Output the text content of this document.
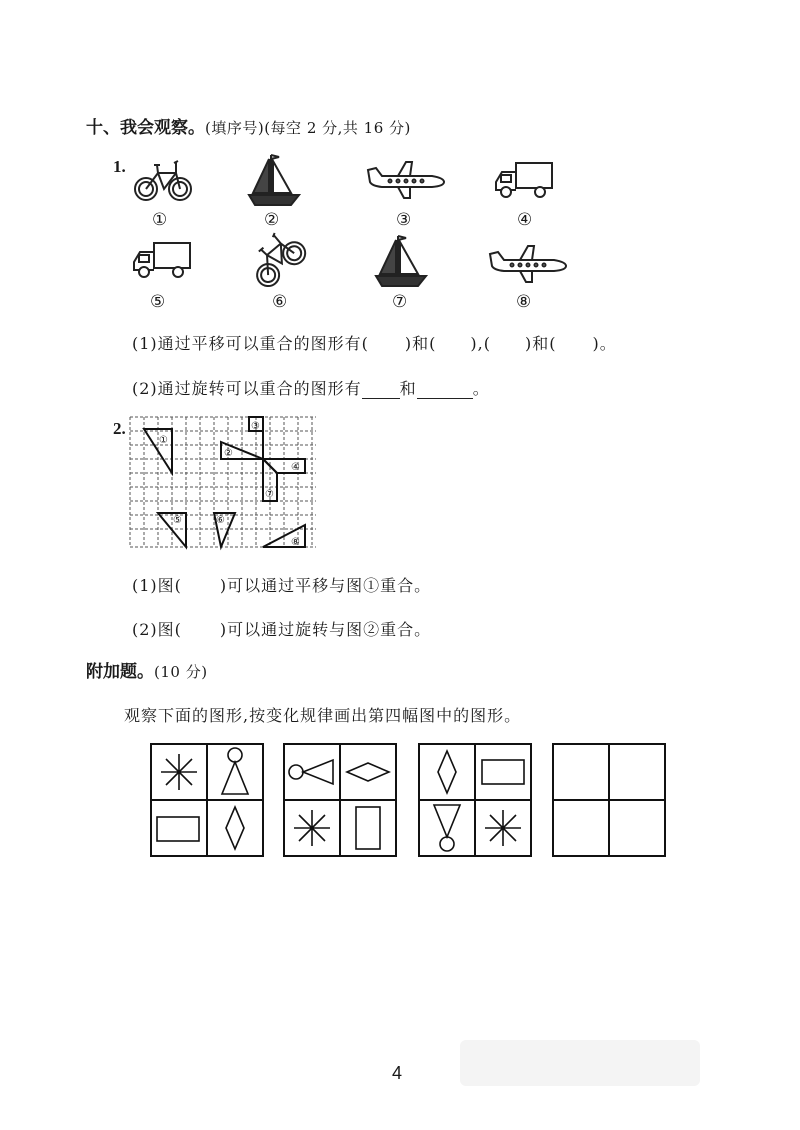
十、我会观察。(填序号)(每空 2 分,共 16 分)
1.
①	②	③	④
⑤	⑥	⑦	⑧
(1)通过平移可以重合的图形有( )和( ),( )和( )。
(2)通过旋转可以重合的图形有 和	。
2.
①
②
③
④
⑤	⑥
⑦
⑧
(1)图( )可以通过平移与图①重合。
(2)图( )可以通过旋转与图②重合。
附加题。(10 分)
观察下面的图形,按变化规律画出第四幅图中的图形。
4
